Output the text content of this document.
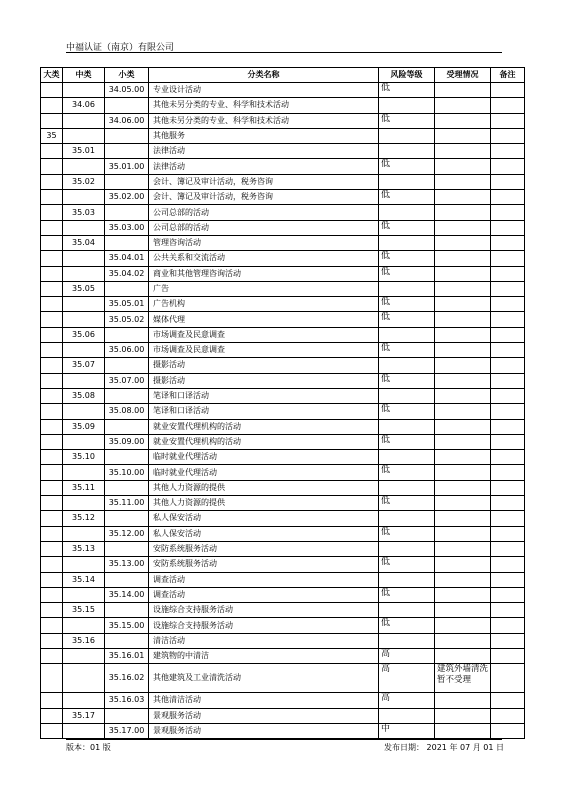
中福认证（南京）有限公司
大类	中类	小类	分类名称	风险等级	受理情况	备注
		34.05.00	专业设计活动	低		
	34.06		其他未另分类的专业、科学和技术活动			
		34.06.00	其他未另分类的专业、科学和技术活动	低		
35			其他服务			
	35.01		法律活动			
		35.01.00	法律活动	低		
	35.02		会计、簿记及审计活动，税务咨询			
		35.02.00	会计、簿记及审计活动，税务咨询	低		
	35.03		公司总部的活动			
		35.03.00	公司总部的活动	低		
	35.04		管理咨询活动			
		35.04.01	公共关系和交流活动	低		
		35.04.02	商业和其他管理咨询活动	低		
	35.05		广告			
		35.05.01	广告机构	低		
		35.05.02	媒体代理	低		
	35.06		市场调查及民意调查			
		35.06.00	市场调查及民意调查	低		
	35.07		摄影活动			
		35.07.00	摄影活动	低		
	35.08		笔译和口译活动			
		35.08.00	笔译和口译活动	低		
	35.09		就业安置代理机构的活动			
		35.09.00	就业安置代理机构的活动	低		
	35.10		临时就业代理活动			
		35.10.00	临时就业代理活动	低		
	35.11		其他人力资源的提供			
		35.11.00	其他人力资源的提供	低		
	35.12		私人保安活动			
		35.12.00	私人保安活动	低		
	35.13		安防系统服务活动			
		35.13.00	安防系统服务活动	低		
	35.14		调查活动			
		35.14.00	调查活动	低		
	35.15		设施综合支持服务活动			
		35.15.00	设施综合支持服务活动	低		
	35.16		清洁活动			
		35.16.01	建筑物的中清洁	高		
		35.16.02	其他建筑及工业清洗活动	高	建筑外墙清洗暂不受理	
		35.16.03	其他清洁活动	高		
	35.17		景观服务活动			
		35.17.00	景观服务活动	中		
版本：01 版	发布日期： 2021 年 07 月 01 日
